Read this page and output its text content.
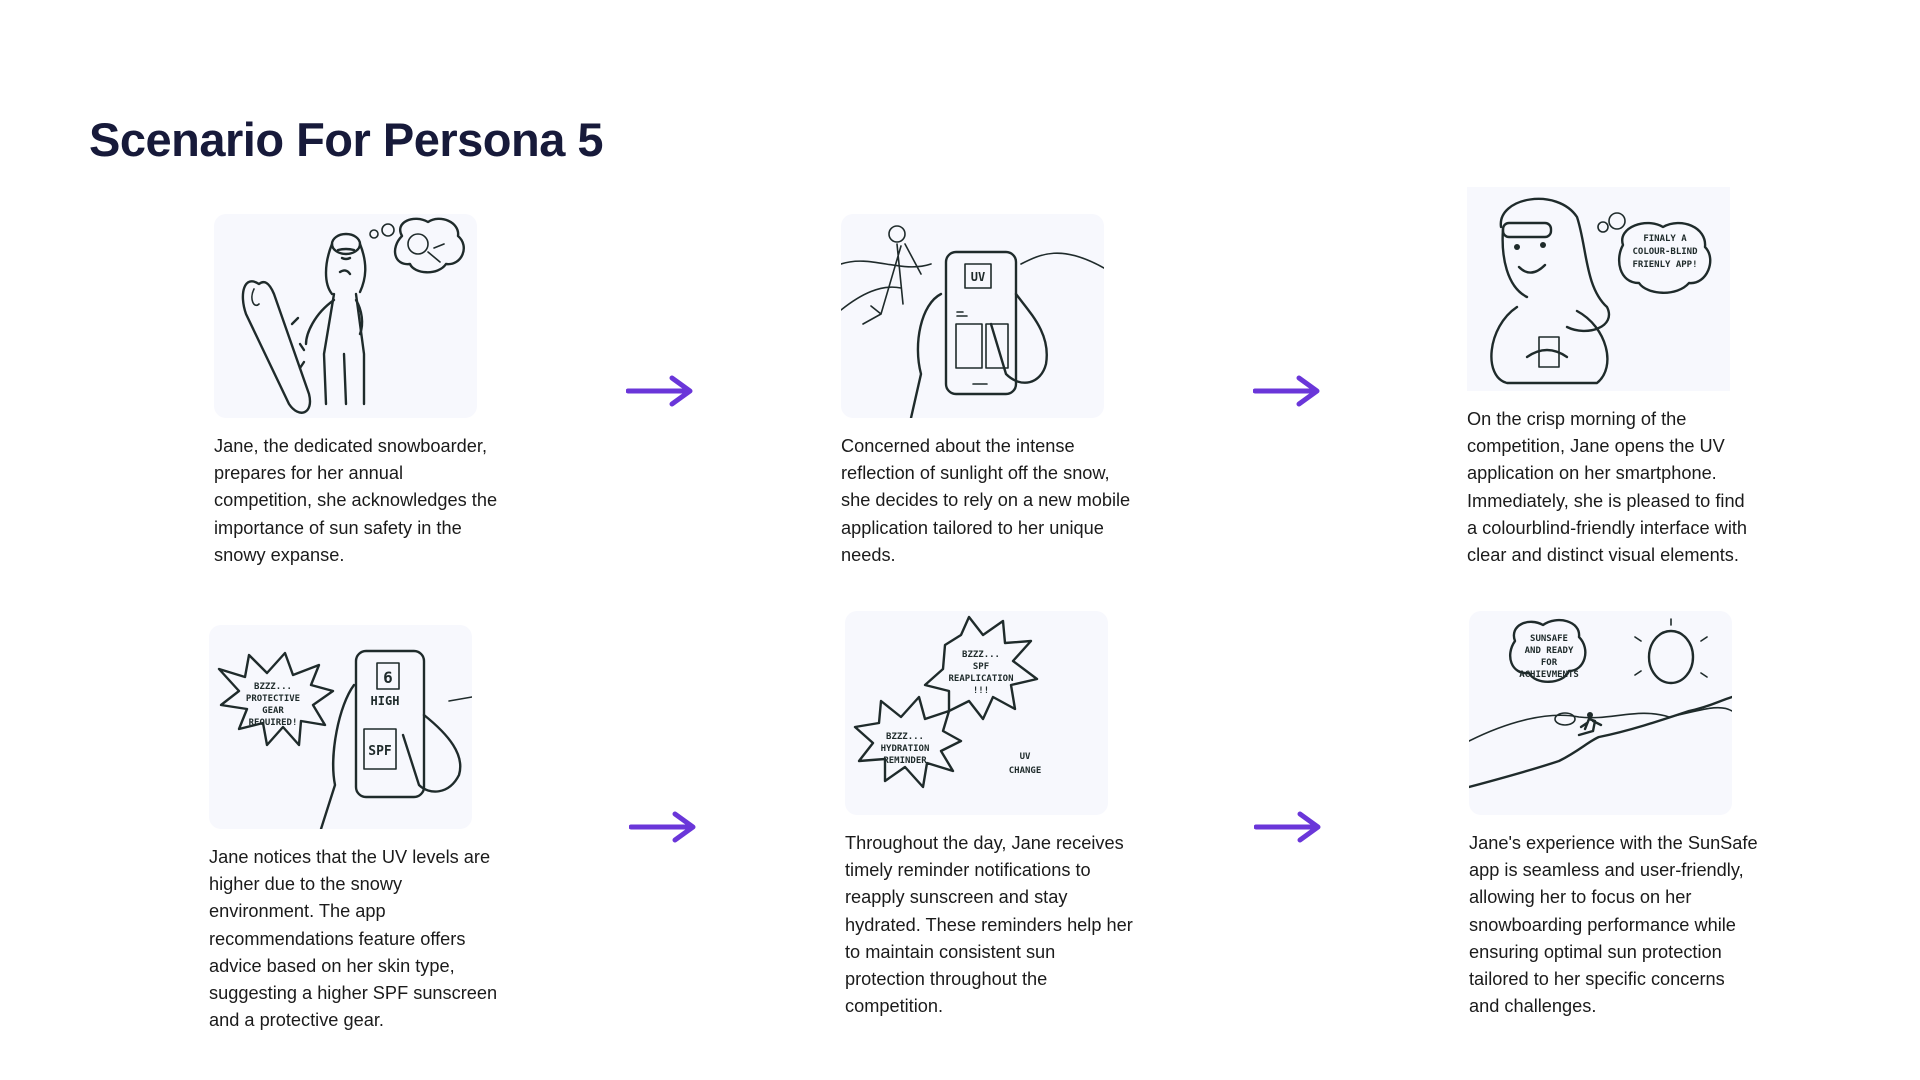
Scenario For Persona 5

Jane, the dedicated snowboarder, prepares for her annual competition, she acknowledges the importance of sun safety in the snowy expanse.

UV

Concerned about the intense reflection of sunlight off the snow, she decides to rely on a new mobile application tailored to her unique needs.

FINALY A
COLOUR-BLIND
FRIENLY APP!

On the crisp morning of the competition, Jane opens the UV application on her smartphone. Immediately, she is pleased to find a colourblind-friendly interface with clear and distinct visual elements.

BZZZ...
PROTECTIVE
GEAR
REQUIRED!
6
HIGH
SPF

Jane notices that the UV levels are higher due to the snowy environment. The app recommendations feature offers advice based on her skin type, suggesting a higher SPF sunscreen and a protective gear.

BZZZ...
SPF
REAPLICATION
!!!
BZZZ...
HYDRATION
REMINDER	UV
CHANGE

Throughout the day, Jane receives timely reminder notifications to reapply sunscreen and stay hydrated. These reminders help her to maintain consistent sun protection throughout the competition.

SUNSAFE
AND READY
FOR
ACHIEVMENTS

Jane's experience with the SunSafe app is seamless and user-friendly, allowing her to focus on her snowboarding performance while ensuring optimal sun protection tailored to her specific concerns and challenges.
